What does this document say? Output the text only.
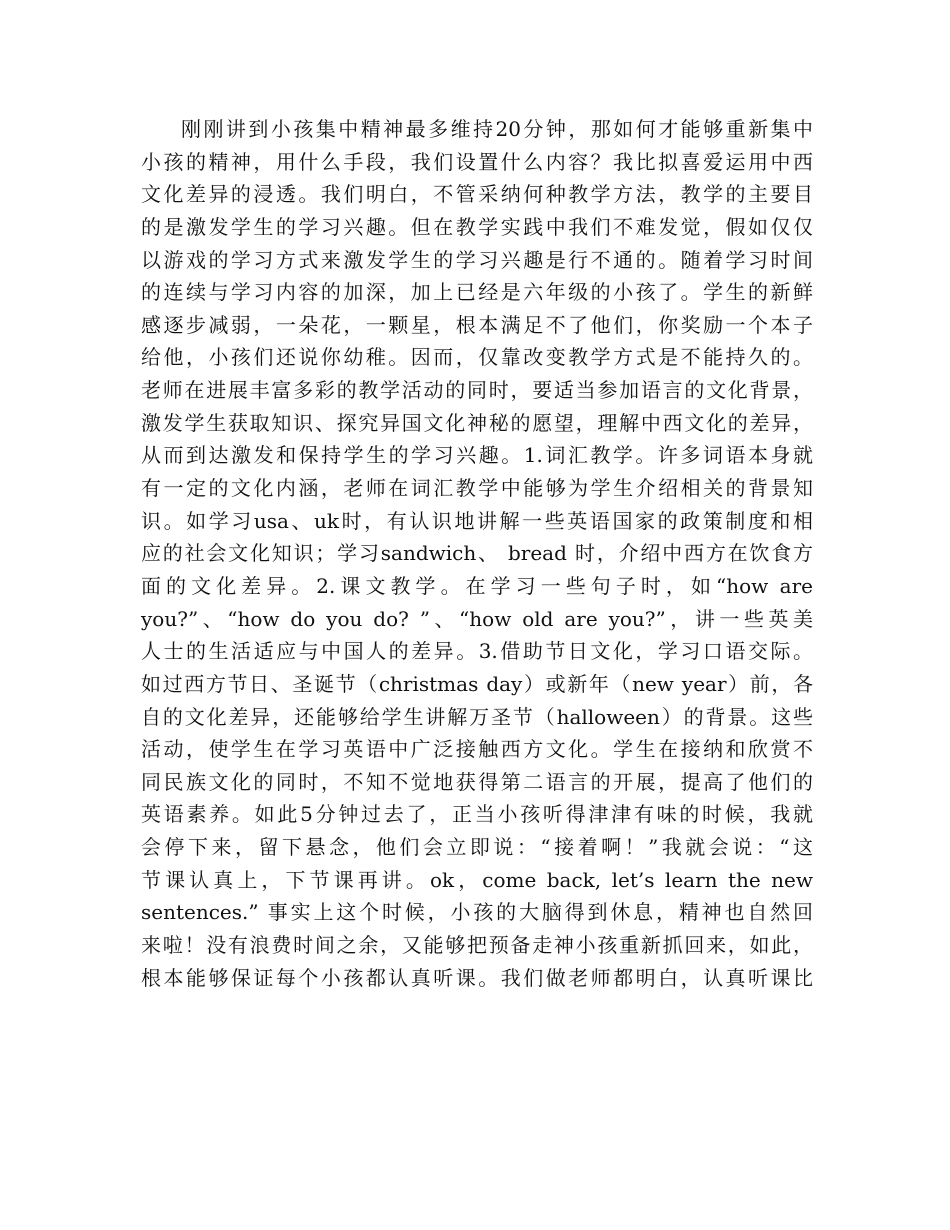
刚刚讲到小孩集中精神最多维持20分钟，那如何才能够重新集中
小孩的精神，用什么手段，我们设置什么内容？我比拟喜爱运用中西
文化差异的浸透。我们明白，不管采纳何种教学方法，教学的主要目
的是激发学生的学习兴趣。但在教学实践中我们不难发觉，假如仅仅
以游戏的学习方式来激发学生的学习兴趣是行不通的。随着学习时间
的连续与学习内容的加深，加上已经是六年级的小孩了。学生的新鲜
感逐步减弱，一朵花，一颗星，根本满足不了他们，你奖励一个本子
给他，小孩们还说你幼稚。因而，仅靠改变教学方式是不能持久的。
老师在进展丰富多彩的教学活动的同时，要适当参加语言的文化背景，
激发学生获取知识、探究异国文化神秘的愿望，理解中西文化的差异，
从而到达激发和保持学生的学习兴趣。1.词汇教学。许多词语本身就
有一定的文化内涵，老师在词汇教学中能够为学生介绍相关的背景知
识。如学习usa、uk时，有认识地讲解一些英语国家的政策制度和相
应的社会文化知识；学习sandwich、 bread 时，介绍中西方在饮食方
面的文化差异。2.课文教学。在学习一些句子时，如“how are
you?”、“how do you do? ”、“how old are you?”，讲一些英美
人士的生活适应与中国人的差异。3.借助节日文化，学习口语交际。
如过西方节日、圣诞节（christmas day）或新年（new year）前，各
自的文化差异，还能够给学生讲解万圣节（halloween）的背景。这些
活动，使学生在学习英语中广泛接触西方文化。学生在接纳和欣赏不
同民族文化的同时，不知不觉地获得第二语言的开展，提高了他们的
英语素养。如此5分钟过去了，正当小孩听得津津有味的时候，我就
会停下来，留下悬念，他们会立即说：“接着啊！”我就会说：“这
节课认真上，下节课再讲。ok，come back, let’s learn the new
sentences.” 事实上这个时候，小孩的大脑得到休息，精神也自然回
来啦！没有浪费时间之余，又能够把预备走神小孩重新抓回来，如此，
根本能够保证每个小孩都认真听课。我们做老师都明白，认真听课比
